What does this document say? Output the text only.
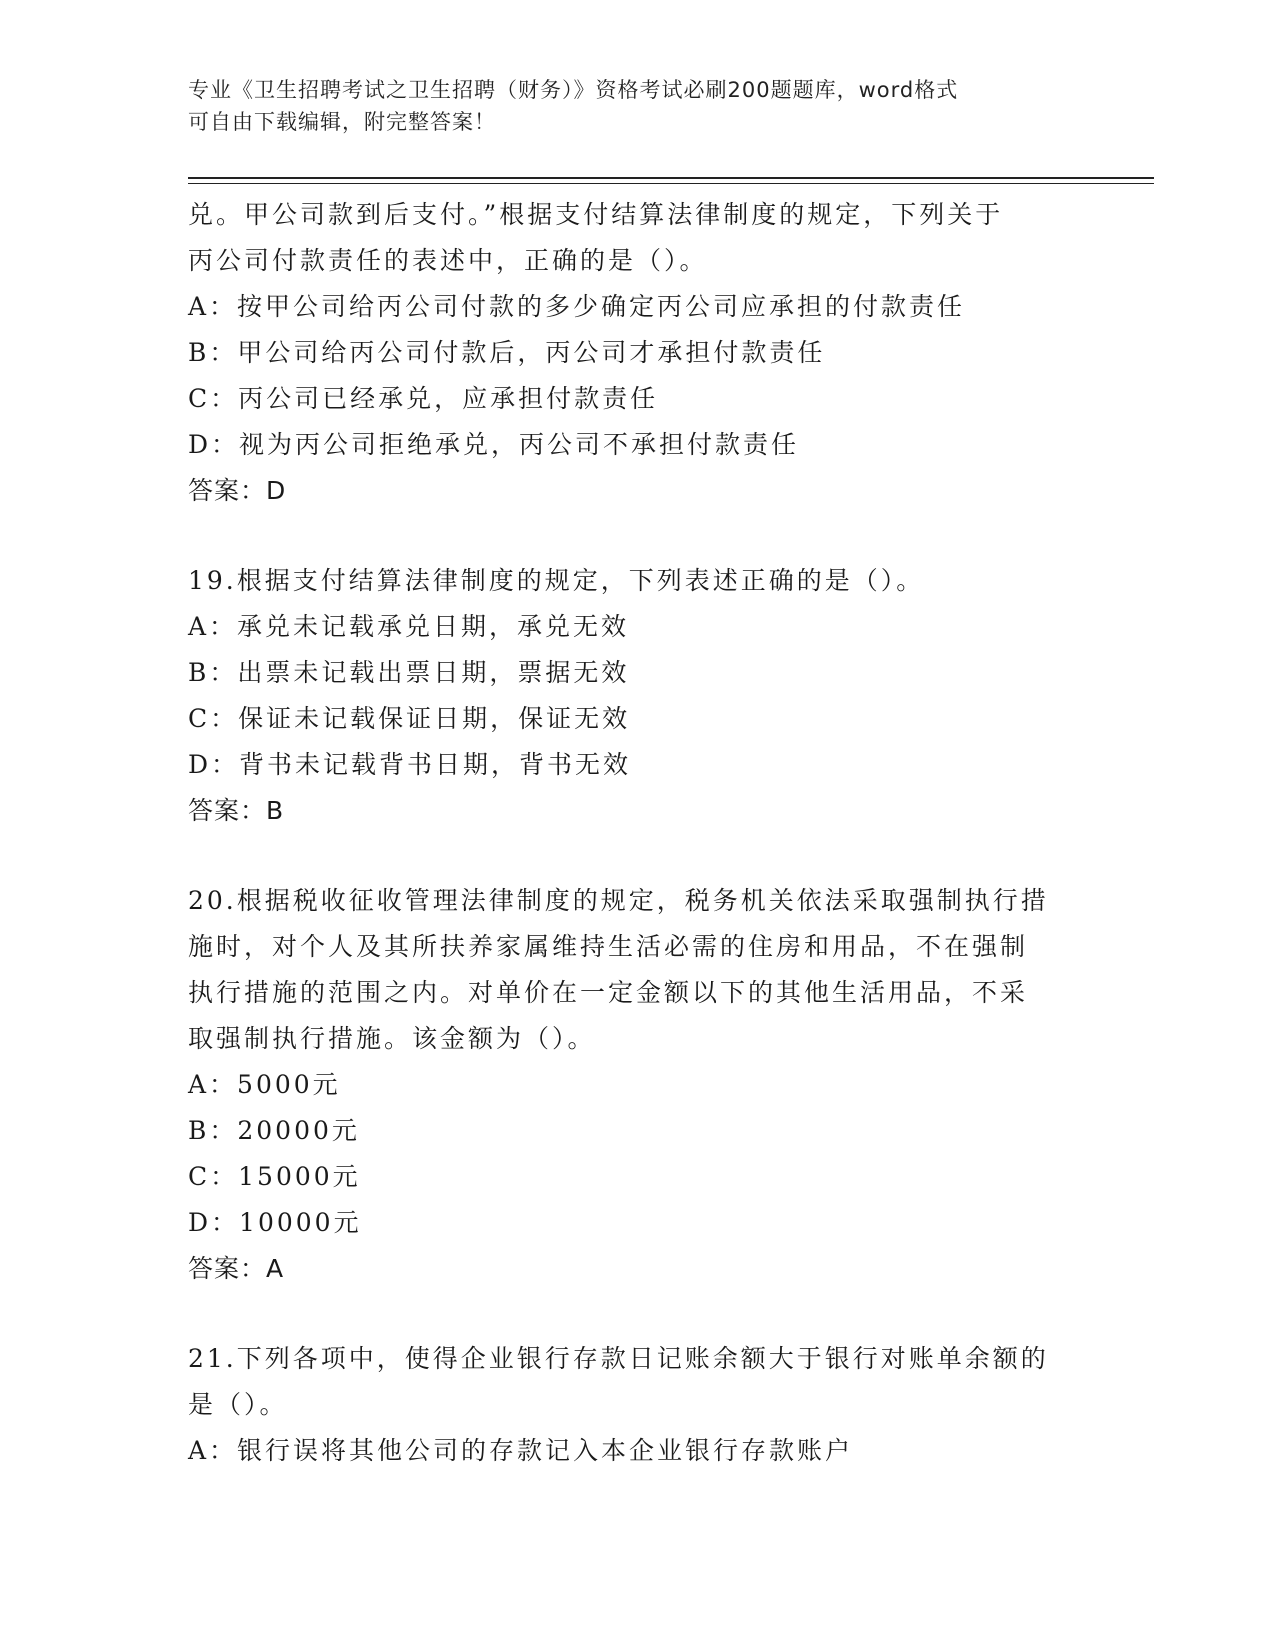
专业《卫生招聘考试之卫生招聘（财务）》资格考试必刷200题题库，word格式
可自由下载编辑，附完整答案！
兑。甲公司款到后支付。”根据支付结算法律制度的规定，下列关于
丙公司付款责任的表述中，正确的是（）。
A：按甲公司给丙公司付款的多少确定丙公司应承担的付款责任
B：甲公司给丙公司付款后，丙公司才承担付款责任
C：丙公司已经承兑，应承担付款责任
D：视为丙公司拒绝承兑，丙公司不承担付款责任
答案：D
19.根据支付结算法律制度的规定，下列表述正确的是（）。
A：承兑未记载承兑日期，承兑无效
B：出票未记载出票日期，票据无效
C：保证未记载保证日期，保证无效
D：背书未记载背书日期，背书无效
答案：B
20.根据税收征收管理法律制度的规定，税务机关依法采取强制执行措
施时，对个人及其所扶养家属维持生活必需的住房和用品，不在强制
执行措施的范围之内。对单价在一定金额以下的其他生活用品，不采
取强制执行措施。该金额为（）。
A：5000元
B：20000元
C：15000元
D：10000元
答案：A
21.下列各项中，使得企业银行存款日记账余额大于银行对账单余额的
是（）。
A：银行误将其他公司的存款记入本企业银行存款账户
